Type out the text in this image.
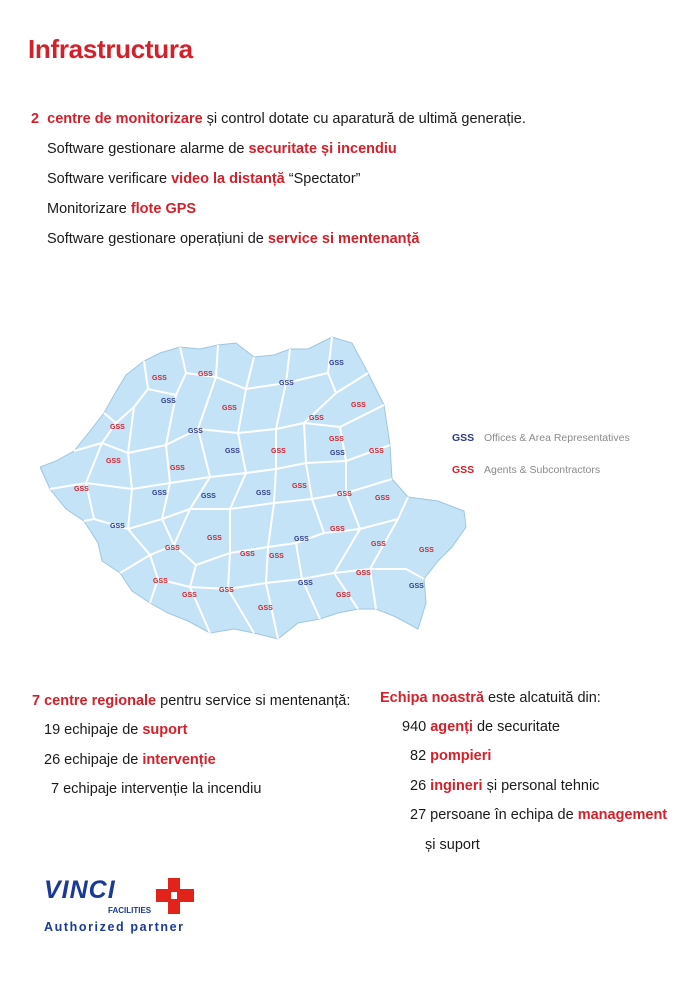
Infrastructura
2 centre de monitorizare și control dotate cu aparatură de ultimă generație.
Software gestionare alarme de securitate și incendiu
Software verificare video la distanță “Spectator”
Monitorizare flote GPS
Software gestionare operațiuni de service si mentenanță
GSS
GSS
GSS
GSS
GSS
GSS	GSS
GSS
GSS
GSS
GSS
GSS	GSS	GSS	GSS
GSS
GSS
GSS
GSS
GSS	GSS	GSS	GSS
GSS
GSS
GSS
GSS
GSS
GSS
GSS
GSS
GSS GSS
GSS
GSS	GSS	GSS
GSS
GSS
GSS
GSS
GSS Offices & Area Representatives
GSS Agents & Subcontractors
7 centre regionale pentru service si mentenanță:
19 echipaje de suport
26 echipaje de intervenție
7 echipaje intervenție la incendiu
Echipa noastră este alcatuită din:
940 agenți de securitate
82 pompieri
26 ingineri și personal tehnic
27 persoane în echipa de management
și suport
VINCI
FACILITIES
Authorized partner
